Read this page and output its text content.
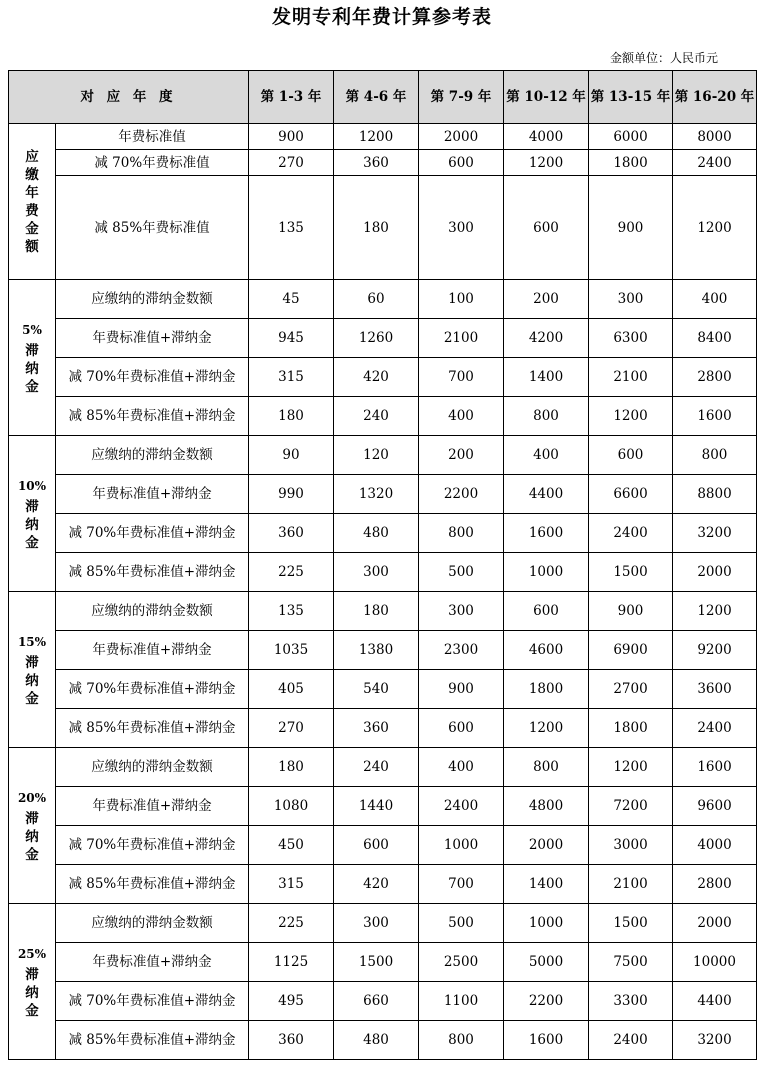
发明专利年费计算参考表
金额单位：人民币元
对 应 年 度		第 1-3 年	第 4-6 年	第 7-9 年	第 10-12 年	第 13-15 年	第 16-20 年
应缴年费金额	年费标准值	900	1200	2000	4000	6000	8000
	减 70%年费标准值	270	360	600	1200	1800	2400
	减 85%年费标准值	135	180	300	600	900	1200

5%
滞纳金	应缴纳的滞纳金数额	45	60	100	200	300	400
	年费标准值+滞纳金	945	1260	2100	4200	6300	8400
	减 70%年费标准值+滞纳金	315	420	700	1400	2100	2800
	减 85%年费标准值+滞纳金	180	240	400	800	1200	1600

10%
滞纳金	应缴纳的滞纳金数额	90	120	200	400	600	800
	年费标准值+滞纳金	990	1320	2200	4400	6600	8800
	减 70%年费标准值+滞纳金	360	480	800	1600	2400	3200
	减 85%年费标准值+滞纳金	225	300	500	1000	1500	2000

15%
滞纳金	应缴纳的滞纳金数额	135	180	300	600	900	1200
	年费标准值+滞纳金	1035	1380	2300	4600	6900	9200
	减 70%年费标准值+滞纳金	405	540	900	1800	2700	3600
	减 85%年费标准值+滞纳金	270	360	600	1200	1800	2400

20%
滞纳金	应缴纳的滞纳金数额	180	240	400	800	1200	1600
	年费标准值+滞纳金	1080	1440	2400	4800	7200	9600
	减 70%年费标准值+滞纳金	450	600	1000	2000	3000	4000
	减 85%年费标准值+滞纳金	315	420	700	1400	2100	2800

25%
滞纳金	应缴纳的滞纳金数额	225	300	500	1000	1500	2000
	年费标准值+滞纳金	1125	1500	2500	5000	7500	10000
	减 70%年费标准值+滞纳金	495	660	1100	2200	3300	4400
	减 85%年费标准值+滞纳金	360	480	800	1600	2400	3200
